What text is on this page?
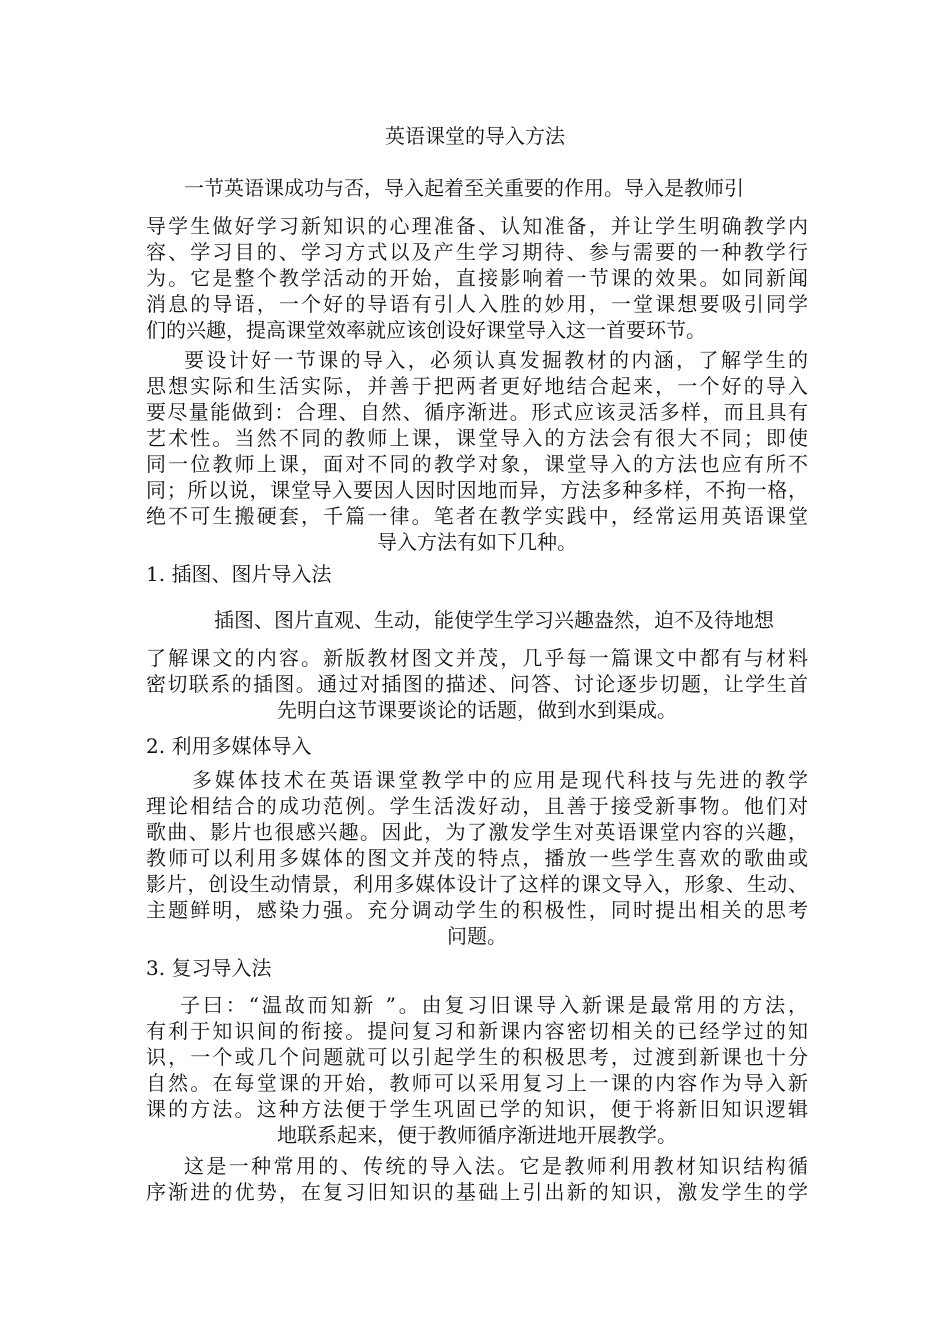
英语课堂的导入方法
一节英语课成功与否，导入起着至关重要的作用。导入是教师引
导学生做好学习新知识的心理准备、认知准备，并让学生明确教学内
容、学习目的、学习方式以及产生学习期待、参与需要的一种教学行
为。它是整个教学活动的开始，直接影响着一节课的效果。如同新闻
消息的导语，一个好的导语有引人入胜的妙用，一堂课想要吸引同学
们的兴趣，提高课堂效率就应该创设好课堂导入这一首要环节。
要设计好一节课的导入，必须认真发掘教材的内涵，了解学生的
思想实际和生活实际，并善于把两者更好地结合起来，一个好的导入
要尽量能做到：合理、自然、循序渐进。形式应该灵活多样，而且具有
艺术性。当然不同的教师上课，课堂导入的方法会有很大不同；即使
同一位教师上课，面对不同的教学对象，课堂导入的方法也应有所不
同；所以说，课堂导入要因人因时因地而异，方法多种多样，不拘一格，
绝不可生搬硬套，千篇一律。笔者在教学实践中，经常运用英语课堂
导入方法有如下几种。
1. 插图、图片导入法
插图、图片直观、生动，能使学生学习兴趣盎然，迫不及待地想
了解课文的内容。新版教材图文并茂，几乎每一篇课文中都有与材料
密切联系的插图。通过对插图的描述、问答、讨论逐步切题，让学生首
先明白这节课要谈论的话题，做到水到渠成。
2. 利用多媒体导入
多媒体技术在英语课堂教学中的应用是现代科技与先进的教学
理论相结合的成功范例。学生活泼好动，且善于接受新事物。他们对
歌曲、影片也很感兴趣。因此，为了激发学生对英语课堂内容的兴趣，
教师可以利用多媒体的图文并茂的特点，播放一些学生喜欢的歌曲或
影片，创设生动情景，利用多媒体设计了这样的课文导入，形象、生动、
主题鲜明，感染力强。充分调动学生的积极性，同时提出相关的思考
问题。
3. 复习导入法
子曰：“温故而知新 ”。由复习旧课导入新课是最常用的方法，
有利于知识间的衔接。提问复习和新课内容密切相关的已经学过的知
识，一个或几个问题就可以引起学生的积极思考，过渡到新课也十分
自然。在每堂课的开始，教师可以采用复习上一课的内容作为导入新
课的方法。这种方法便于学生巩固已学的知识，便于将新旧知识逻辑
地联系起来，便于教师循序渐进地开展教学。
这是一种常用的、传统的导入法。它是教师利用教材知识结构循
序渐进的优势，在复习旧知识的基础上引出新的知识，激发学生的学
